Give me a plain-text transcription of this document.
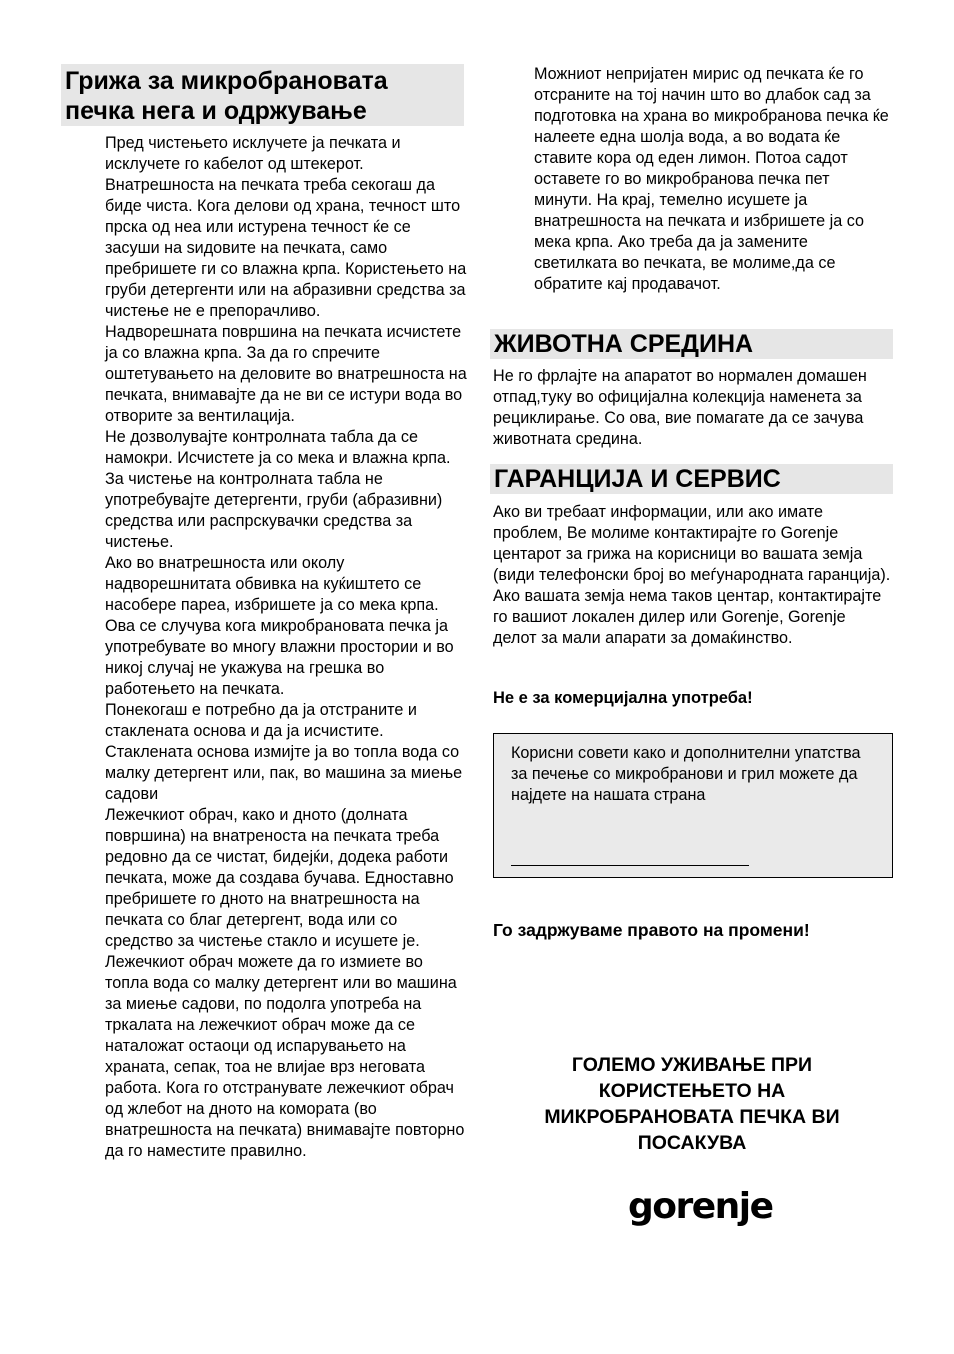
Грижа за микробрановата
печка нега и одржување

Пред чистењето исклучете ја печката и исклучете го кабелот од штекерот. Внатрешноста на печката треба секогаш да биде чиста. Кога делови од храна, течност што прска од неа или истурена течност ќе се засуши на ѕидовите на печката, само пребришете ги со влажна крпа. Користењето на груби детергенти или на абразивни средства за чистење не е препорачливо.

Надворешната површина на печката исчистете ја со влажна крпа. За да го спречите оштетувањето на деловите во внатрешноста на печката, внимавајте да не ви се истури вода во отворите за вентилација.

Не дозволувајте контролната табла да се намокри. Исчистете ја со мека и влажна крпа. За чистење на контролната табла не употребувајте детергенти, груби (абразивни) средства или распрскувачки средства за чистење.

Ако во внатрешноста или околу надворешнитата обвивка на куќиштето се насобере пареа, избришете ја со мека крпа. Ова се случува кога микробрановата печка ја употребувате во многу влажни простории и во никој случај не укажува на грешка во работењето на печката.

Понекогаш е потребно да ја отстраните и стаклената основа и да ја исчистите. Стаклената основа измијте ја во топла вода со малку детергент или, пак, во машина за миење садови

Лежечкиот обрач, како и дното (долната површина) на внатреноста на печката треба редовно да се чистат, бидејќи, додека работи печката, може да создава бучава. Едноставно пребришете го дното на внатрешноста на печката со благ детергент, вода или со средство за чистење стакло и исушете је. Лежечкиот обрач можете да го измиете во топла вода со малку детергент или во машина за миење садови, по подолга употреба на тркалата на лежечкиот обрач може да се наталожат остаоци од испарувањето на храната, сепак, тоа не влијае врз неговата работа. Кога го отстранувате лежечкиот обрач од жлебот на дното на комората (во внатрешноста на печката) внимавајте повторно да го наместите правилно.

Можниот непријатен мирис од печката ќе го отсраните на тој начин што во длабок сад за подготовка на храна во микробранова печка ќе налеете една шолја вода, а во водата ќе ставите кора од еден лимон. Потоа садот оставете го во микробранова печка пет минути. На крај, темелно исушете ја внатрешноста на печката и избришете ја со мека крпа. Ако треба да ја замените светилката во печката, ве молиме,да се обратите кај продавачот.

ЖИВОТНА СРЕДИНА

Не го фрлајте на апаратот во нормален домашен отпад,туку во официјална колекција наменета за рециклирање. Со ова, вие помагате да се зачува животната средина.

ГАРАНЦИЈА И СЕРВИС

Ако ви требаат информации, или ако имате проблем, Ве молиме контактирајте го Gorenje центарот за грижа на корисници во вашата земја (види телефонски број во меѓународната гаранција). Ако вашата земја нема таков центар, контактирајте го вашиот локален дилер или Gorenje, Gorenje делот за мали апарати за домаќинство.

Не е за комерцијална употреба!

Корисни совети како и дополнителни упатства за печење со микробранови и грил можете да најдете на нашата страна

Го задржуваме правото на промени!

ГОЛЕМО УЖИВАЊЕ ПРИ
КОРИСТЕЊЕТО НА
МИКРОБРАНОВАТА ПЕЧКА ВИ
ПОСАКУВА
gorenje
